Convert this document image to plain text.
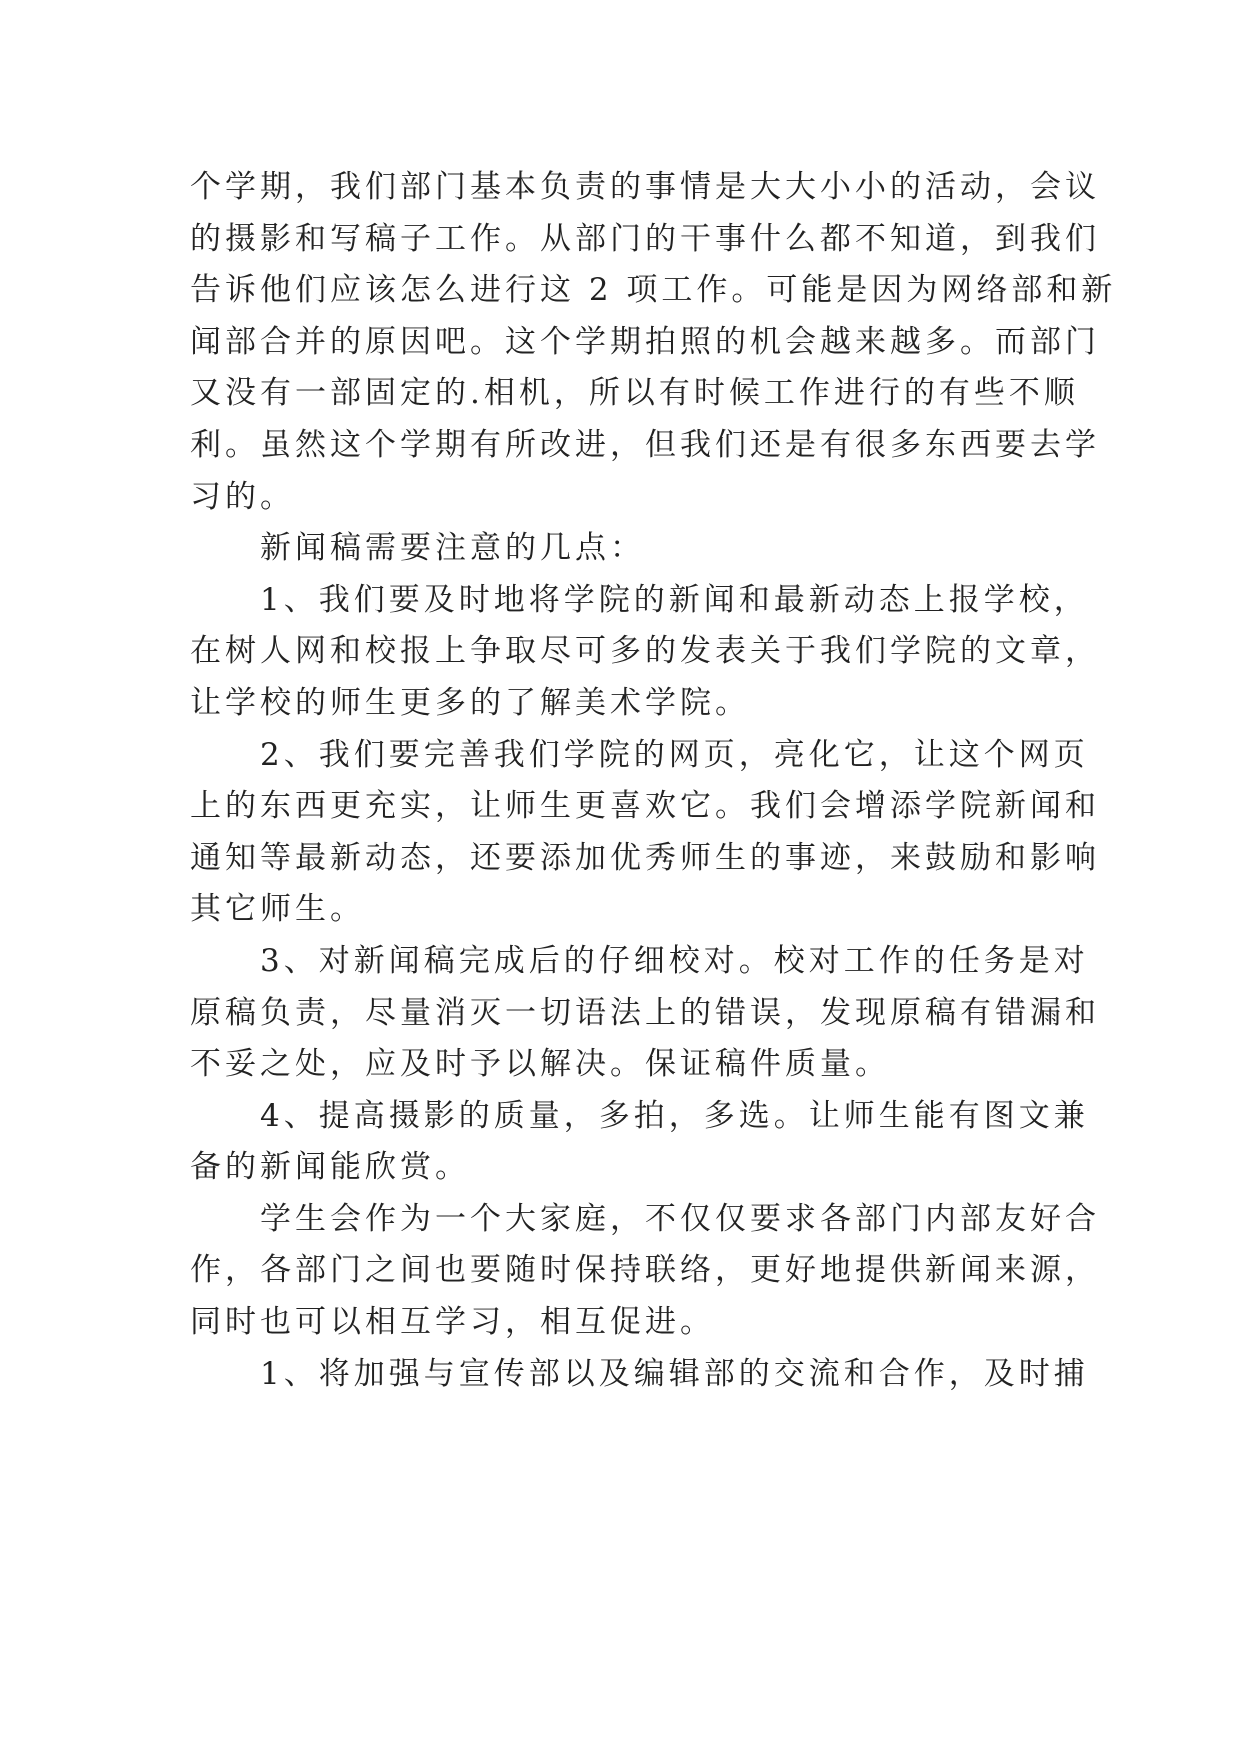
个学期，我们部门基本负责的事情是大大小小的活动，会议
的摄影和写稿子工作。从部门的干事什么都不知道，到我们
告诉他们应该怎么进行这 2 项工作。可能是因为网络部和新
闻部合并的原因吧。这个学期拍照的机会越来越多。而部门
又没有一部固定的.相机，所以有时候工作进行的有些不顺
利。虽然这个学期有所改进，但我们还是有很多东西要去学
习的。
　　新闻稿需要注意的几点：
　　1、我们要及时地将学院的新闻和最新动态上报学校，
在树人网和校报上争取尽可多的发表关于我们学院的文章，
让学校的师生更多的了解美术学院。
　　2、我们要完善我们学院的网页，亮化它，让这个网页
上的东西更充实，让师生更喜欢它。我们会增添学院新闻和
通知等最新动态，还要添加优秀师生的事迹，来鼓励和影响
其它师生。
　　3、对新闻稿完成后的仔细校对。校对工作的任务是对
原稿负责，尽量消灭一切语法上的错误，发现原稿有错漏和
不妥之处，应及时予以解决。保证稿件质量。
　　4、提高摄影的质量，多拍，多选。让师生能有图文兼
备的新闻能欣赏。
　　学生会作为一个大家庭，不仅仅要求各部门内部友好合
作，各部门之间也要随时保持联络，更好地提供新闻来源，
同时也可以相互学习，相互促进。
　　1、将加强与宣传部以及编辑部的交流和合作，及时捕
